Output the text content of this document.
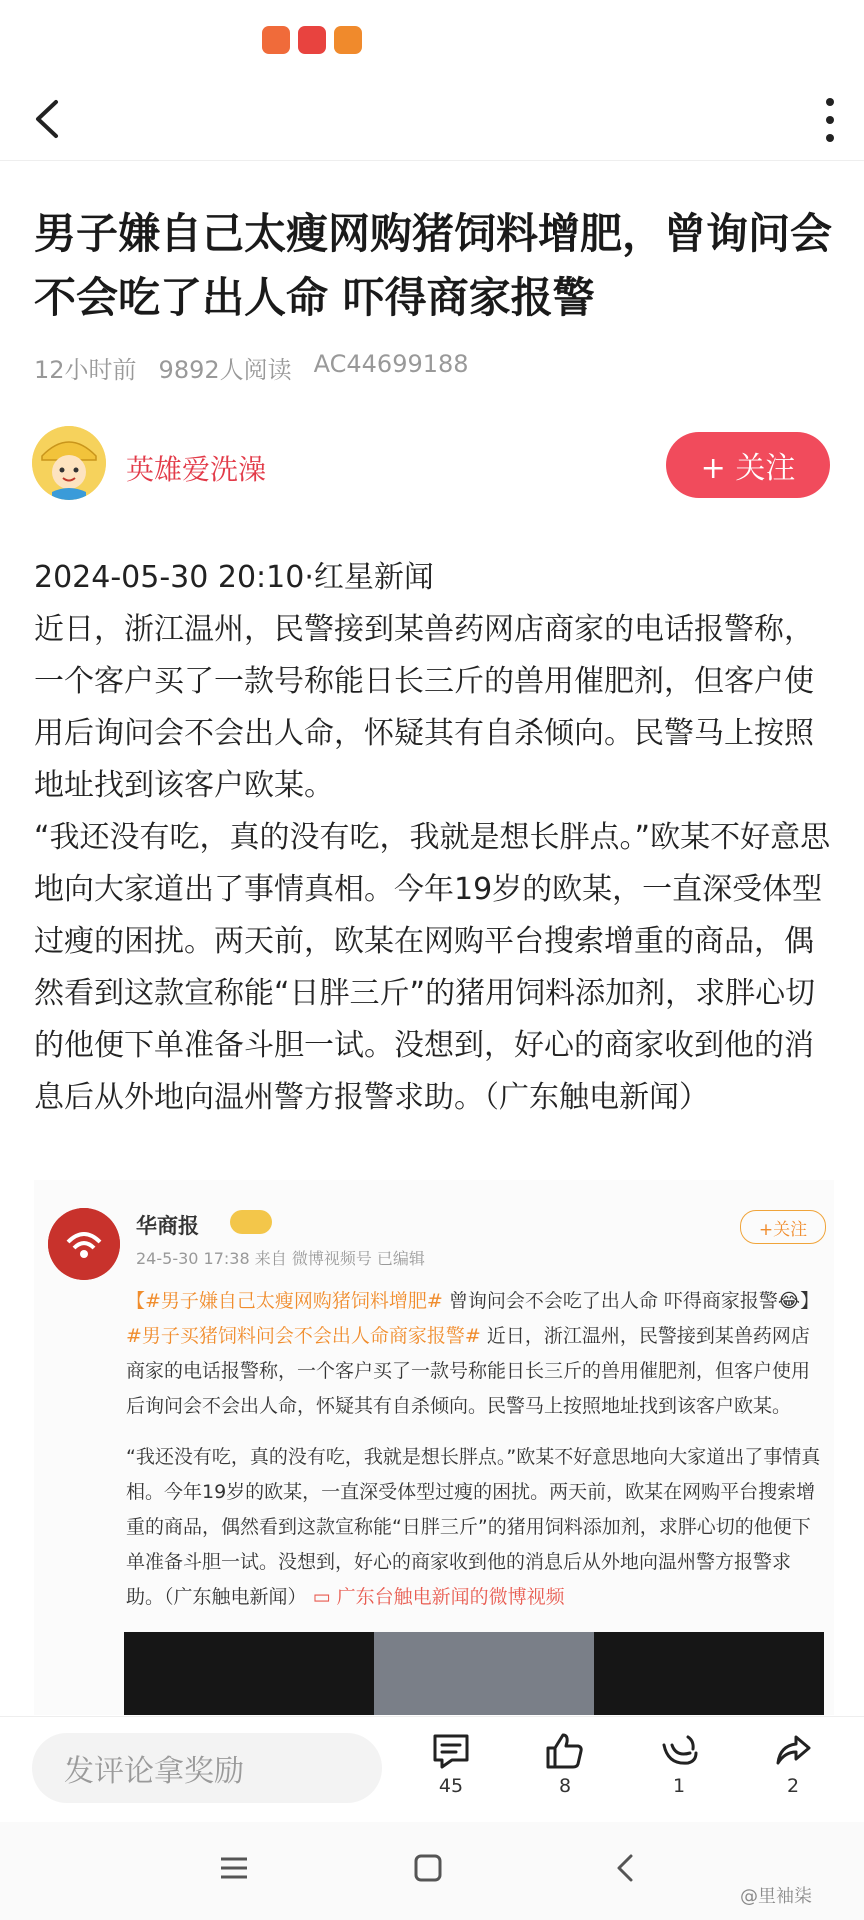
男子嫌自己太瘦网购猪饲料增肥，曾询问会不会吃了出人命 吓得商家报警
12小时前 9892人阅读 AC44699188
英雄爱洗澡	+ 关注

2024-05-30 20:10·红星新闻

近日，浙江温州，民警接到某兽药网店商家的电话报警称，一个客户买了一款号称能日长三斤的兽用催肥剂，但客户使用后询问会不会出人命，怀疑其有自杀倾向。民警马上按照地址找到该客户欧某。

“我还没有吃，真的没有吃，我就是想长胖点。”欧某不好意思地向大家道出了事情真相。今年19岁的欧某，一直深受体型过瘦的困扰。两天前，欧某在网购平台搜索增重的商品，偶然看到这款宣称能“日胖三斤”的猪用饲料添加剂，求胖心切的他便下单准备斗胆一试。没想到，好心的商家收到他的消息后从外地向温州警方报警求助。（广东触电新闻）

华商报
24-5-30 17:38 来自 微博视频号 已编辑
+关注

【#男子嫌自己太瘦网购猪饲料增肥# 曾询问会不会吃了出人命 吓得商家报警😂】 #男子买猪饲料问会不会出人命商家报警# 近日，浙江温州，民警接到某兽药网店商家的电话报警称，一个客户买了一款号称能日长三斤的兽用催肥剂，但客户使用后询问会不会出人命，怀疑其有自杀倾向。民警马上按照地址找到该客户欧某。

“我还没有吃，真的没有吃，我就是想长胖点。”欧某不好意思地向大家道出了事情真相。今年19岁的欧某，一直深受体型过瘦的困扰。两天前，欧某在网购平台搜索增重的商品，偶然看到这款宣称能“日胖三斤”的猪用饲料添加剂，求胖心切的他便下单准备斗胆一试。没想到，好心的商家收到他的消息后从外地向温州警方报警求助。（广东触电新闻） ▭ 广东台触电新闻的微博视频

发评论拿奖励	45	8	1	2
@里袖柒
